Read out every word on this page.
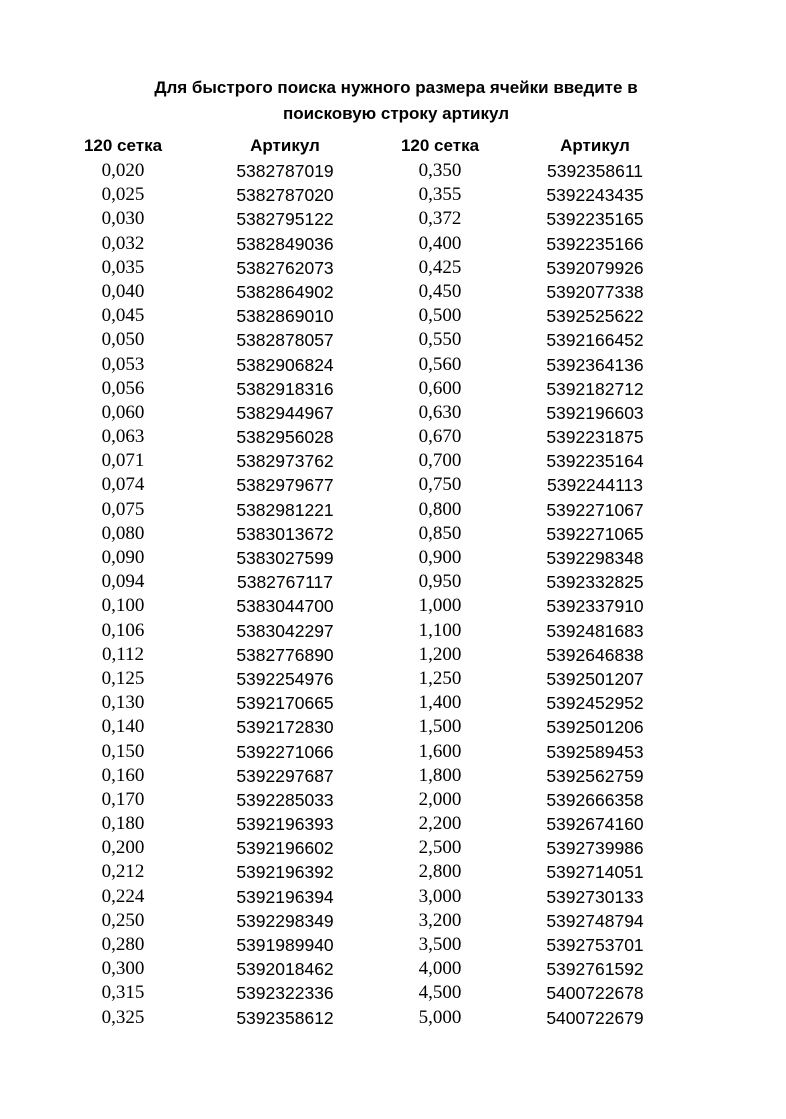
Для быстрого поиска нужного размера ячейки введите в
поисковую строку артикул
120 сетка	Артикул	120 сетка	Артикул
0,020	5382787019	0,350	5392358611
0,025	5382787020	0,355	5392243435
0,030	5382795122	0,372	5392235165
0,032	5382849036	0,400	5392235166
0,035	5382762073	0,425	5392079926
0,040	5382864902	0,450	5392077338
0,045	5382869010	0,500	5392525622
0,050	5382878057	0,550	5392166452
0,053	5382906824	0,560	5392364136
0,056	5382918316	0,600	5392182712
0,060	5382944967	0,630	5392196603
0,063	5382956028	0,670	5392231875
0,071	5382973762	0,700	5392235164
0,074	5382979677	0,750	5392244113
0,075	5382981221	0,800	5392271067
0,080	5383013672	0,850	5392271065
0,090	5383027599	0,900	5392298348
0,094	5382767117	0,950	5392332825
0,100	5383044700	1,000	5392337910
0,106	5383042297	1,100	5392481683
0,112	5382776890	1,200	5392646838
0,125	5392254976	1,250	5392501207
0,130	5392170665	1,400	5392452952
0,140	5392172830	1,500	5392501206
0,150	5392271066	1,600	5392589453
0,160	5392297687	1,800	5392562759
0,170	5392285033	2,000	5392666358
0,180	5392196393	2,200	5392674160
0,200	5392196602	2,500	5392739986
0,212	5392196392	2,800	5392714051
0,224	5392196394	3,000	5392730133
0,250	5392298349	3,200	5392748794
0,280	5391989940	3,500	5392753701
0,300	5392018462	4,000	5392761592
0,315	5392322336	4,500	5400722678
0,325	5392358612	5,000	5400722679
